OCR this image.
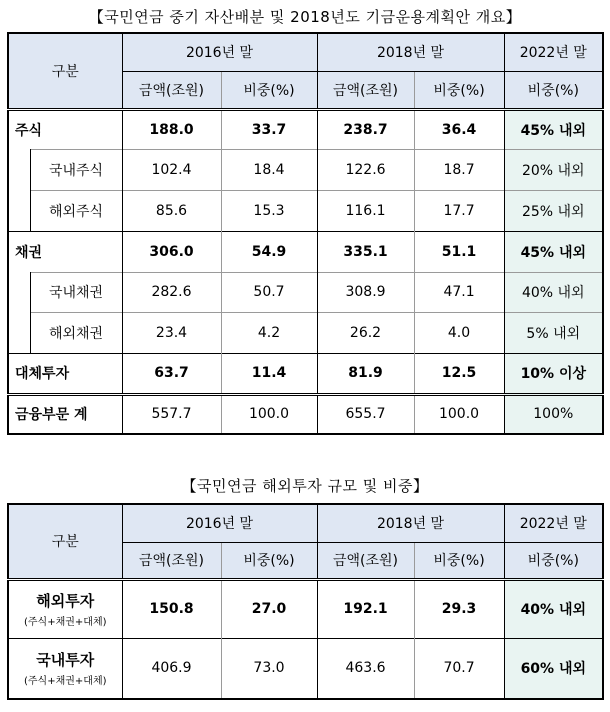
【국민연금 중기 자산배분 및 2018년도 기금운용계획안 개요】
구분		2016년 말		2018년 말		2022년 말
		금액(조원)	비중(%)	금액(조원)	비중(%)	비중(%)
주식		188.0	33.7	238.7	36.4	45% 내외
	국내주식	102.4	18.4	122.6	18.7	20% 내외
	해외주식	85.6	15.3	116.1	17.7	25% 내외
채권		306.0	54.9	335.1	51.1	45% 내외
	국내채권	282.6	50.7	308.9	47.1	40% 내외
	해외채권	23.4	4.2	26.2	4.0	5% 내외
대체투자		63.7	11.4	81.9	12.5	10% 이상
금융부문 계		557.7	100.0	655.7	100.0	100%
【국민연금 해외투자 규모 및 비중】
구분	2016년 말		2018년 말		2022년 말
	금액(조원)	비중(%)	금액(조원)	비중(%)	비중(%)

해외투자
(주식+채권+대체)	150.8	27.0	192.1	29.3	40% 내외

국내투자
(주식+채권+대체)	406.9	73.0	463.6	70.7	60% 내외
